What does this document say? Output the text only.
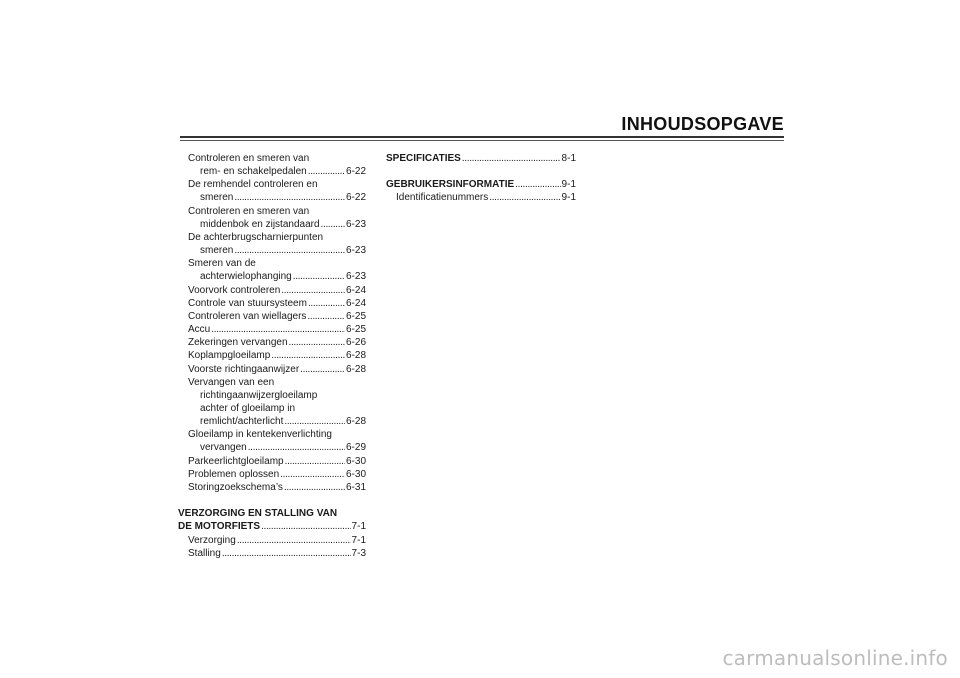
INHOUDSOPGAVE
Controleren en smeren van
rem- en schakelpedalen . . .	6-22
De remhendel controleren en
smeren . . .	6-22
Controleren en smeren van
middenbok en zijstandaard . . .	6-23
De achterbrugscharnierpunten
smeren . . .	6-23
Smeren van de
achterwielophanging . . .	6-23
Voorvork controleren . . .	6-24
Controle van stuursysteem . . .	6-24
Controleren van wiellagers . . .	6-25
Accu . . .	6-25
Zekeringen vervangen . . .	6-26
Koplampgloeilamp . . .	6-28
Voorste richtingaanwijzer . . .	6-28
Vervangen van een
richtingaanwijzergloeilamp
achter of gloeilamp in
remlicht/achterlicht . . .	6-28
Gloeilamp in kentekenverlichting
vervangen . . .	6-29
Parkeerlichtgloeilamp . . .	6-30
Problemen oplossen . . .	6-30
Storingzoekschema’s . . .	6-31
VERZORGING EN STALLING VAN
DE MOTORFIETS . . .	7-1
Verzorging . . .	7-1
Stalling . . .	7-3
SPECIFICATIES . . .	8-1
GEBRUIKERSINFORMATIE . . .	9-1
Identificatienummers . . .	9-1
carmanualsonline.info
